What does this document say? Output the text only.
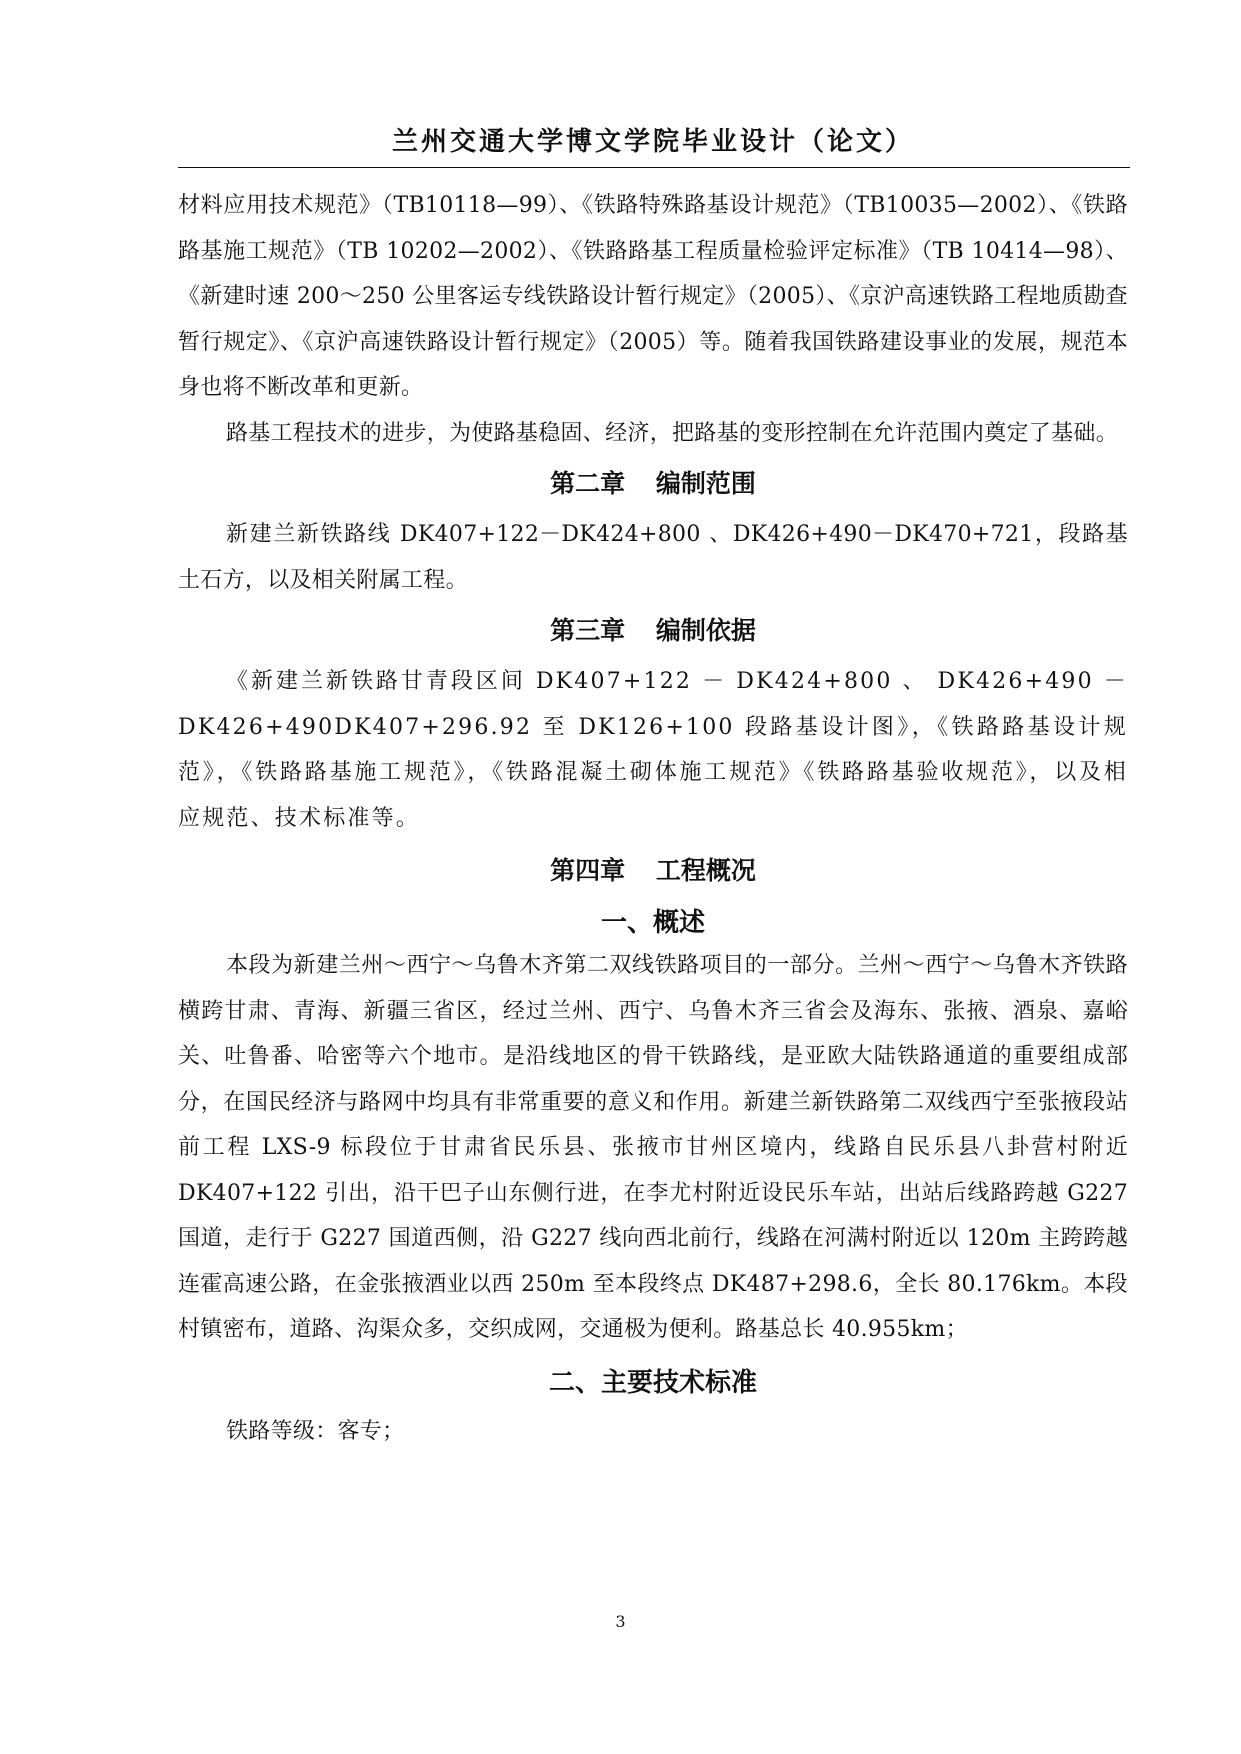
兰州交通大学博文学院毕业设计（论文）

材料应用技术规范》（TB10118—99）、《铁路特殊路基设计规范》（TB10035—2002）、《铁路路基施工规范》（TB 10202—2002）、《铁路路基工程质量检验评定标准》（TB 10414—98）、《新建时速 200～250 公里客运专线铁路设计暂行规定》（2005）、《京沪高速铁路工程地质勘查暂行规定》、《京沪高速铁路设计暂行规定》（2005）等。随着我国铁路建设事业的发展，规范本身也将不断改革和更新。

路基工程技术的进步，为使路基稳固、经济，把路基的变形控制在允许范围内奠定了基础。

第二章 编制范围

新建兰新铁路线 DK407+122－DK424+800 、DK426+490－DK470+721，段路基土石方，以及相关附属工程。

第三章 编制依据

《新建兰新铁路甘青段区间 DK407+122 － DK424+800 、 DK426+490 － DK426+490DK407+296.92 至 DK126+100 段路基设计图》，《铁路路基设计规范》，《铁路路基施工规范》，《铁路混凝土砌体施工规范》《铁路路基验收规范》，以及相应规范、技术标准等。

第四章 工程概况
一、概述

本段为新建兰州～西宁～乌鲁木齐第二双线铁路项目的一部分。兰州～西宁～乌鲁木齐铁路横跨甘肃、青海、新疆三省区，经过兰州、西宁、乌鲁木齐三省会及海东、张掖、酒泉、嘉峪关、吐鲁番、哈密等六个地市。是沿线地区的骨干铁路线，是亚欧大陆铁路通道的重要组成部分，在国民经济与路网中均具有非常重要的意义和作用。新建兰新铁路第二双线西宁至张掖段站前工程 LXS-9 标段位于甘肃省民乐县、张掖市甘州区境内，线路自民乐县八卦营村附近 DK407+122 引出，沿干巴子山东侧行进，在李尤村附近设民乐车站，出站后线路跨越 G227 国道，走行于 G227 国道西侧，沿 G227 线向西北前行，线路在河满村附近以 120m 主跨跨越连霍高速公路，在金张掖酒业以西 250m 至本段终点 DK487+298.6，全长 80.176km。本段村镇密布，道路、沟渠众多，交织成网，交通极为便利。路基总长 40.955km；

二、主要技术标准

铁路等级：客专；

3
